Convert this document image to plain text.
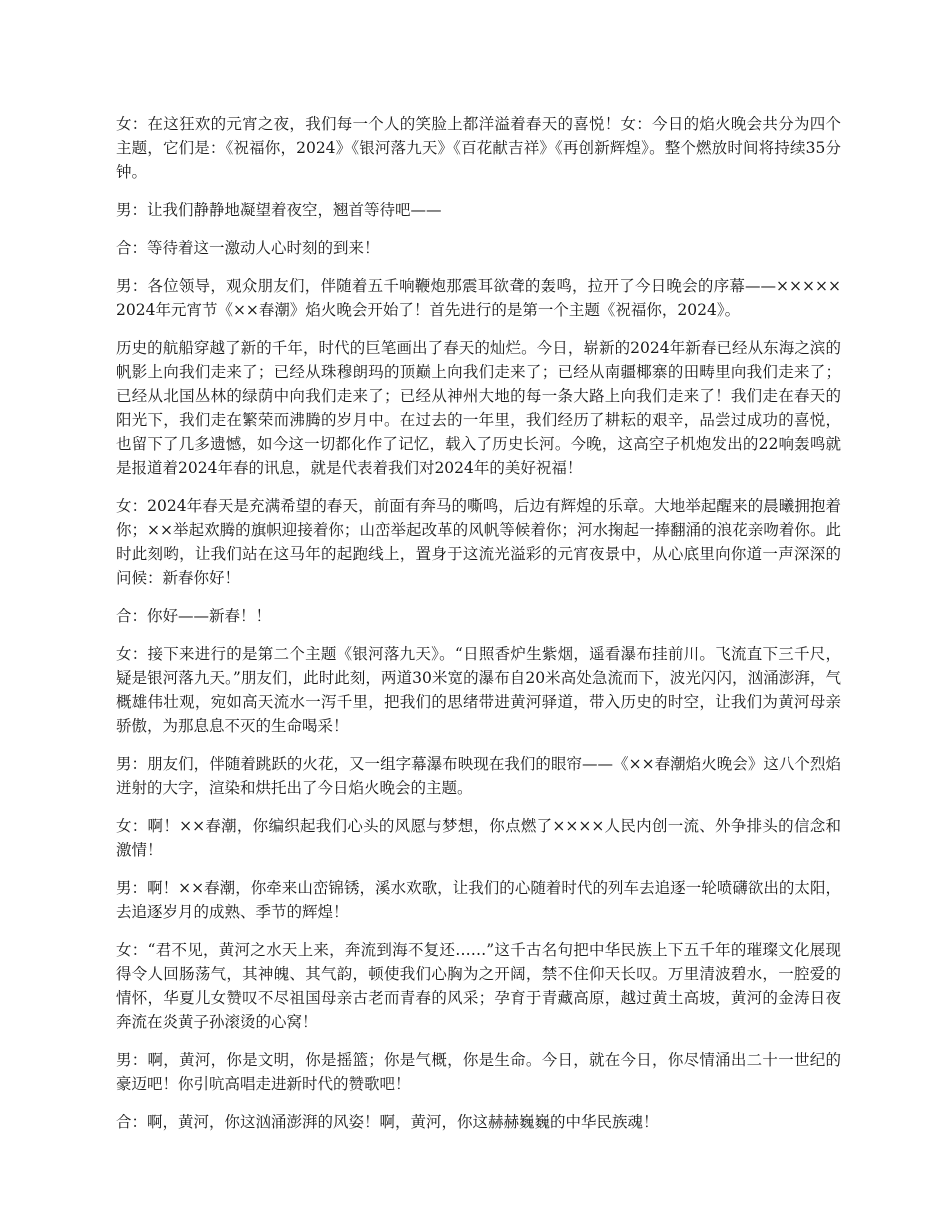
女：在这狂欢的元宵之夜，我们每一个人的笑脸上都洋溢着春天的喜悦！女：今日的焰火晚会共分为四个主题，它们是：《祝福你，2024》《银河落九天》《百花献吉祥》《再创新辉煌》。整个燃放时间将持续35分钟。

男：让我们静静地凝望着夜空，翘首等待吧——

合：等待着这一激动人心时刻的到来！

男：各位领导，观众朋友们，伴随着五千响鞭炮那震耳欲聋的轰鸣，拉开了今日晚会的序幕——×××××2024年元宵节《××春潮》焰火晚会开始了！首先进行的是第一个主题《祝福你，2024》。

历史的航船穿越了新的千年，时代的巨笔画出了春天的灿烂。今日，崭新的2024年新春已经从东海之滨的帆影上向我们走来了；已经从珠穆朗玛的顶巅上向我们走来了；已经从南疆椰寨的田畴里向我们走来了；已经从北国丛林的绿荫中向我们走来了；已经从神州大地的每一条大路上向我们走来了！我们走在春天的阳光下，我们走在繁荣而沸腾的岁月中。在过去的一年里，我们经历了耕耘的艰辛，品尝过成功的喜悦，也留下了几多遗憾，如今这一切都化作了记忆，载入了历史长河。今晚，这高空子机炮发出的22响轰鸣就是报道着2024年春的讯息，就是代表着我们对2024年的美好祝福！

女：2024年春天是充满希望的春天，前面有奔马的嘶鸣，后边有辉煌的乐章。大地举起醒来的晨曦拥抱着你；××举起欢腾的旗帜迎接着你；山峦举起改革的风帆等候着你；河水掬起一捧翻涌的浪花亲吻着你。此时此刻哟，让我们站在这马年的起跑线上，置身于这流光溢彩的元宵夜景中，从心底里向你道一声深深的问候：新春你好！

合：你好——新春！！

女：接下来进行的是第二个主题《银河落九天》。“日照香炉生紫烟，遥看瀑布挂前川。飞流直下三千尺，疑是银河落九天。”朋友们，此时此刻，两道30米宽的瀑布自20米高处急流而下，波光闪闪，汹涌澎湃，气概雄伟壮观，宛如高天流水一泻千里，把我们的思绪带进黄河驿道，带入历史的时空，让我们为黄河母亲骄傲，为那息息不灭的生命喝采！

男：朋友们，伴随着跳跃的火花，又一组字幕瀑布映现在我们的眼帘——《××春潮焰火晚会》这八个烈焰迸射的大字，渲染和烘托出了今日焰火晚会的主题。

女：啊！××春潮，你编织起我们心头的风愿与梦想，你点燃了××××人民内创一流、外争排头的信念和激情！

男：啊！××春潮，你牵来山峦锦锈，溪水欢歌，让我们的心随着时代的列车去追逐一轮喷礴欲出的太阳，去追逐岁月的成熟、季节的辉煌！

女：“君不见，黄河之水天上来，奔流到海不复还……”这千古名句把中华民族上下五千年的璀璨文化展现得令人回肠荡气，其神魄、其气韵，顿使我们心胸为之开阔，禁不住仰天长叹。万里清波碧水，一腔爱的情怀，华夏儿女赞叹不尽祖国母亲古老而青春的风采；孕育于青藏高原，越过黄土高坡，黄河的金涛日夜奔流在炎黄子孙滚烫的心窝！

男：啊，黄河，你是文明，你是摇篮；你是气概，你是生命。今日，就在今日，你尽情涌出二十一世纪的豪迈吧！你引吭高唱走进新时代的赞歌吧！

合：啊，黄河，你这汹涌澎湃的风姿！啊，黄河，你这赫赫巍巍的中华民族魂！
